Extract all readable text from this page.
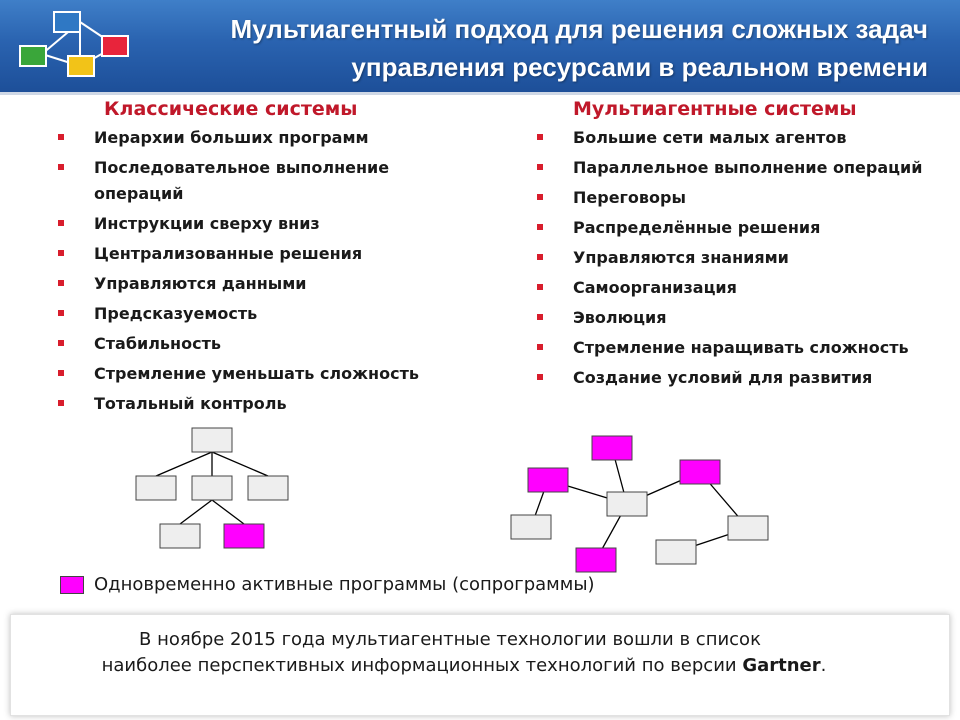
Мультиагентный подход для решения сложных задач
управления ресурсами в реальном времени
Классические системы	Мультиагентные системы
Иерархии больших программ
Последовательное выполнение операций
Инструкции сверху вниз
Централизованные решения
Управляются данными
Предсказуемость
Стабильность
Стремление уменьшать сложность
Тотальный контроль
Большие сети малых агентов
Параллельное выполнение операций
Переговоры
Распределённые решения
Управляются знаниями
Самоорганизация
Эволюция
Стремление наращивать сложность
Создание условий для развития
Одновременно активные программы (сопрограммы)
В ноябре 2015 года мультиагентные технологии вошли в список
наиболее перспективных информационных технологий по версии Gartner.
